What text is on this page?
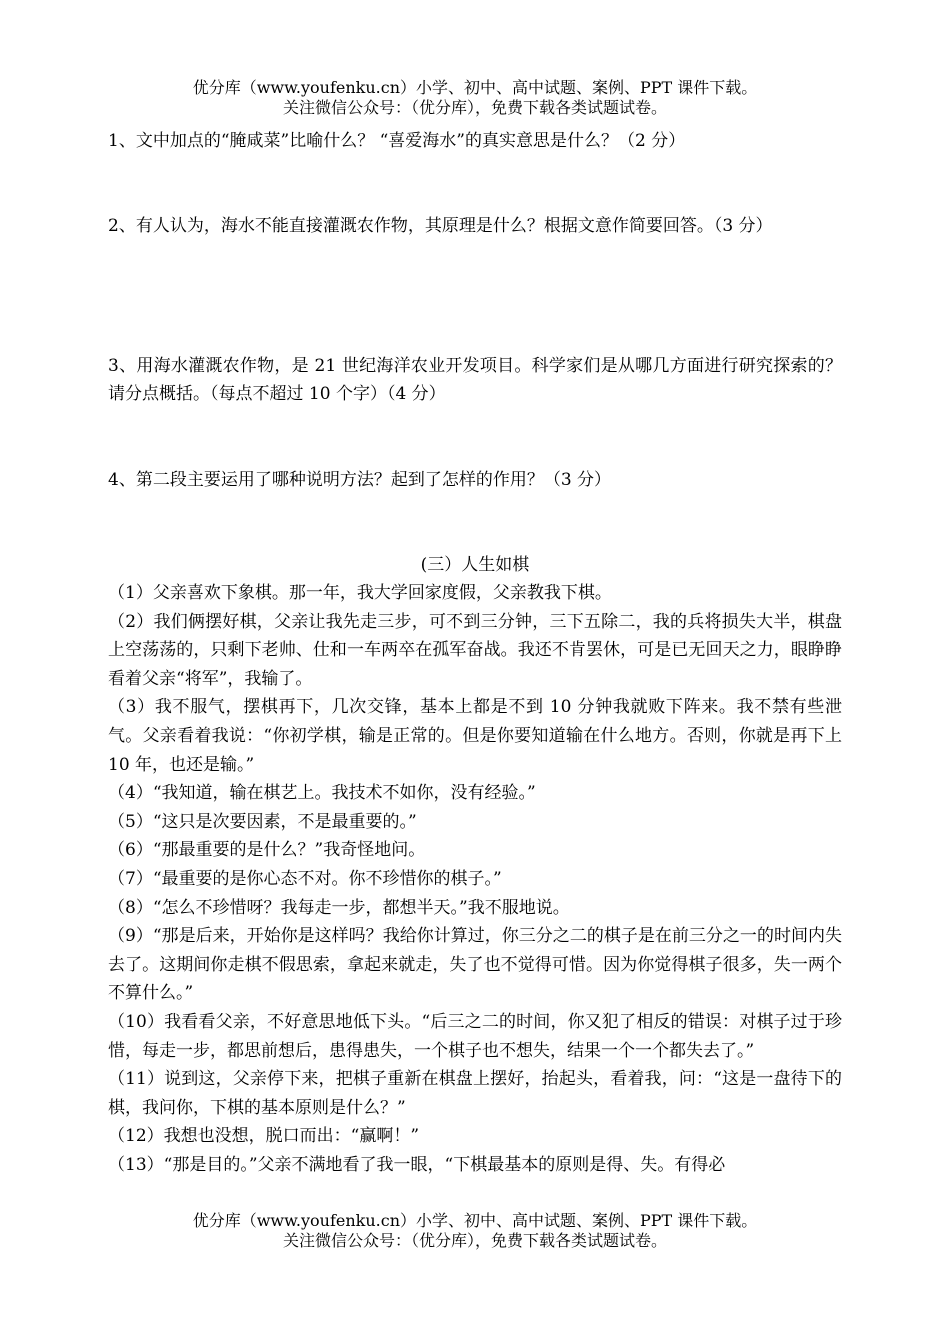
优分库（www.youfenku.cn）小学、初中、高中试题、案例、PPT 课件下载。
关注微信公众号：（优分库），免费下载各类试题试卷。

1、文中加点的“腌咸菜”比喻什么？ “喜爱海水”的真实意思是什么？（2 分）

2、有人认为，海水不能直接灌溉农作物，其原理是什么？根据文意作简要回答。（3 分）

3、用海水灌溉农作物，是 21 世纪海洋农业开发项目。科学家们是从哪几方面进行研究探索的？请分点概括。（每点不超过 10 个字）（4 分）

4、第二段主要运用了哪种说明方法？起到了怎样的作用？（3 分）

(三）人生如棋

（1）父亲喜欢下象棋。那一年，我大学回家度假，父亲教我下棋。

（2）我们俩摆好棋，父亲让我先走三步，可不到三分钟，三下五除二，我的兵将损失大半，棋盘上空荡荡的，只剩下老帅、仕和一车两卒在孤军奋战。我还不肯罢休，可是已无回天之力，眼睁睁看着父亲“将军”，我输了。

（3）我不服气，摆棋再下，几次交锋，基本上都是不到 10 分钟我就败下阵来。我不禁有些泄气。父亲看着我说：“你初学棋，输是正常的。但是你要知道输在什么地方。否则，你就是再下上 10 年，也还是输。”

（4）“我知道，输在棋艺上。我技术不如你，没有经验。”

（5）“这只是次要因素，不是最重要的。”

（6）“那最重要的是什么？”我奇怪地问。

（7）“最重要的是你心态不对。你不珍惜你的棋子。”

（8）“怎么不珍惜呀？我每走一步，都想半天。”我不服地说。

（9）“那是后来，开始你是这样吗？我给你计算过，你三分之二的棋子是在前三分之一的时间内失去了。这期间你走棋不假思索，拿起来就走，失了也不觉得可惜。因为你觉得棋子很多，失一两个不算什么。”

（10）我看看父亲，不好意思地低下头。“后三之二的时间，你又犯了相反的错误：对棋子过于珍惜，每走一步，都思前想后，患得患失，一个棋子也不想失，结果一个一个都失去了。”

（11）说到这，父亲停下来，把棋子重新在棋盘上摆好，抬起头，看着我，问：“这是一盘待下的棋，我问你，下棋的基本原则是什么？”

（12）我想也没想，脱口而出：“赢啊！”

（13）“那是目的。”父亲不满地看了我一眼，“下棋最基本的原则是得、失。有得必

优分库（www.youfenku.cn）小学、初中、高中试题、案例、PPT 课件下载。
关注微信公众号：（优分库），免费下载各类试题试卷。
